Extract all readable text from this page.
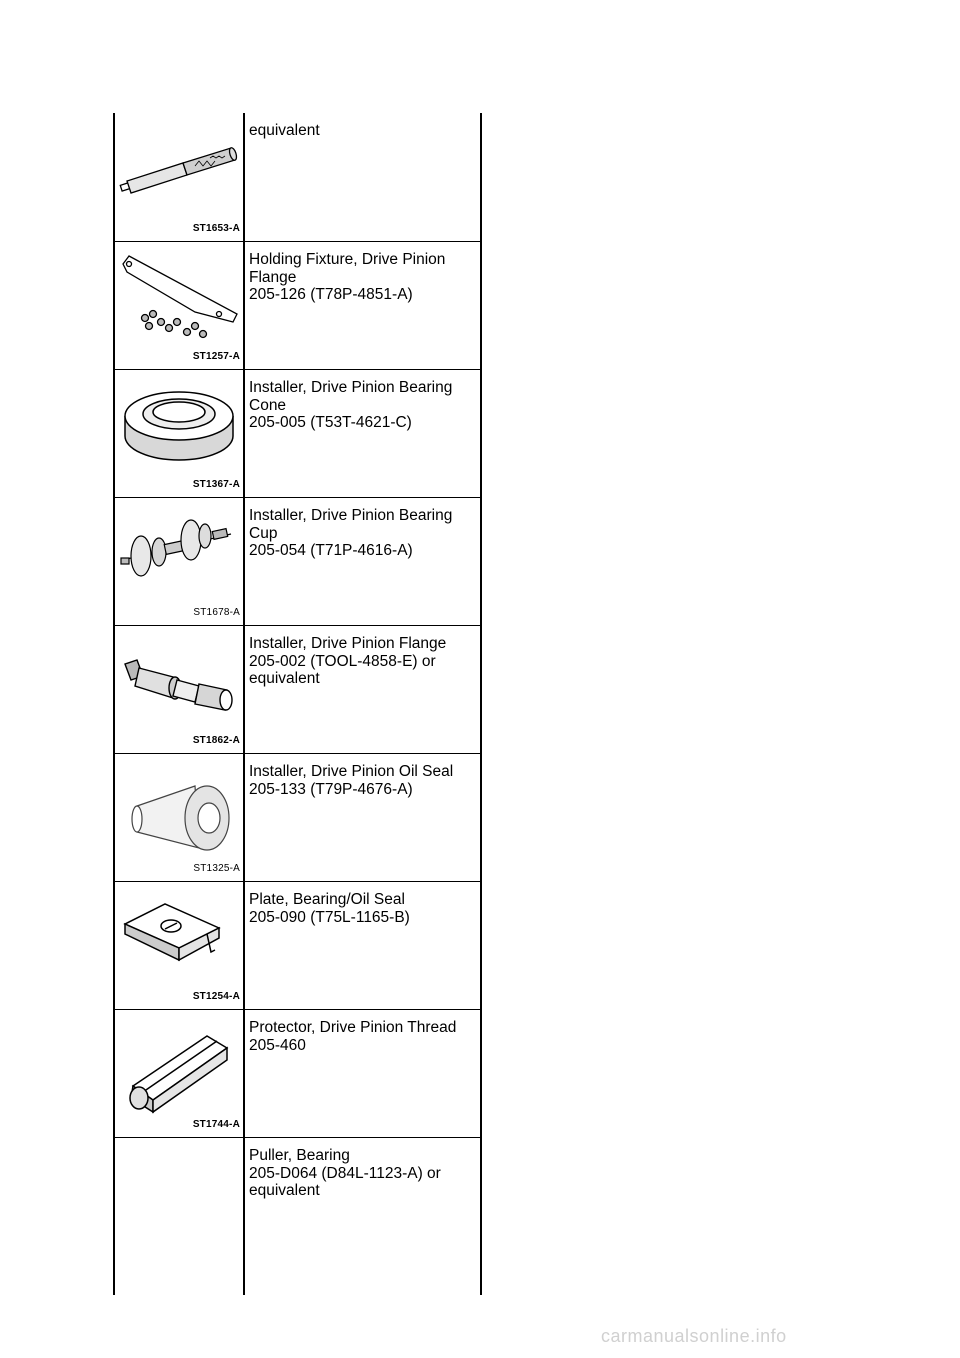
ST1653-A
equivalent
ST1257-A
Holding Fixture, Drive Pinion
Flange
205-126 (T78P-4851-A)
ST1367-A
Installer, Drive Pinion Bearing
Cone
205-005 (T53T-4621-C)
ST1678-A
Installer, Drive Pinion Bearing
Cup
205-054 (T71P-4616-A)
ST1862-A
Installer, Drive Pinion Flange
205-002 (TOOL-4858-E) or
equivalent
ST1325-A
Installer, Drive Pinion Oil Seal
205-133 (T79P-4676-A)
ST1254-A
Plate, Bearing/Oil Seal
205-090 (T75L-1165-B)
ST1744-A
Protector, Drive Pinion Thread
205-460
Puller, Bearing
205-D064 (D84L-1123-A) or
equivalent
carmanualsonline.info
